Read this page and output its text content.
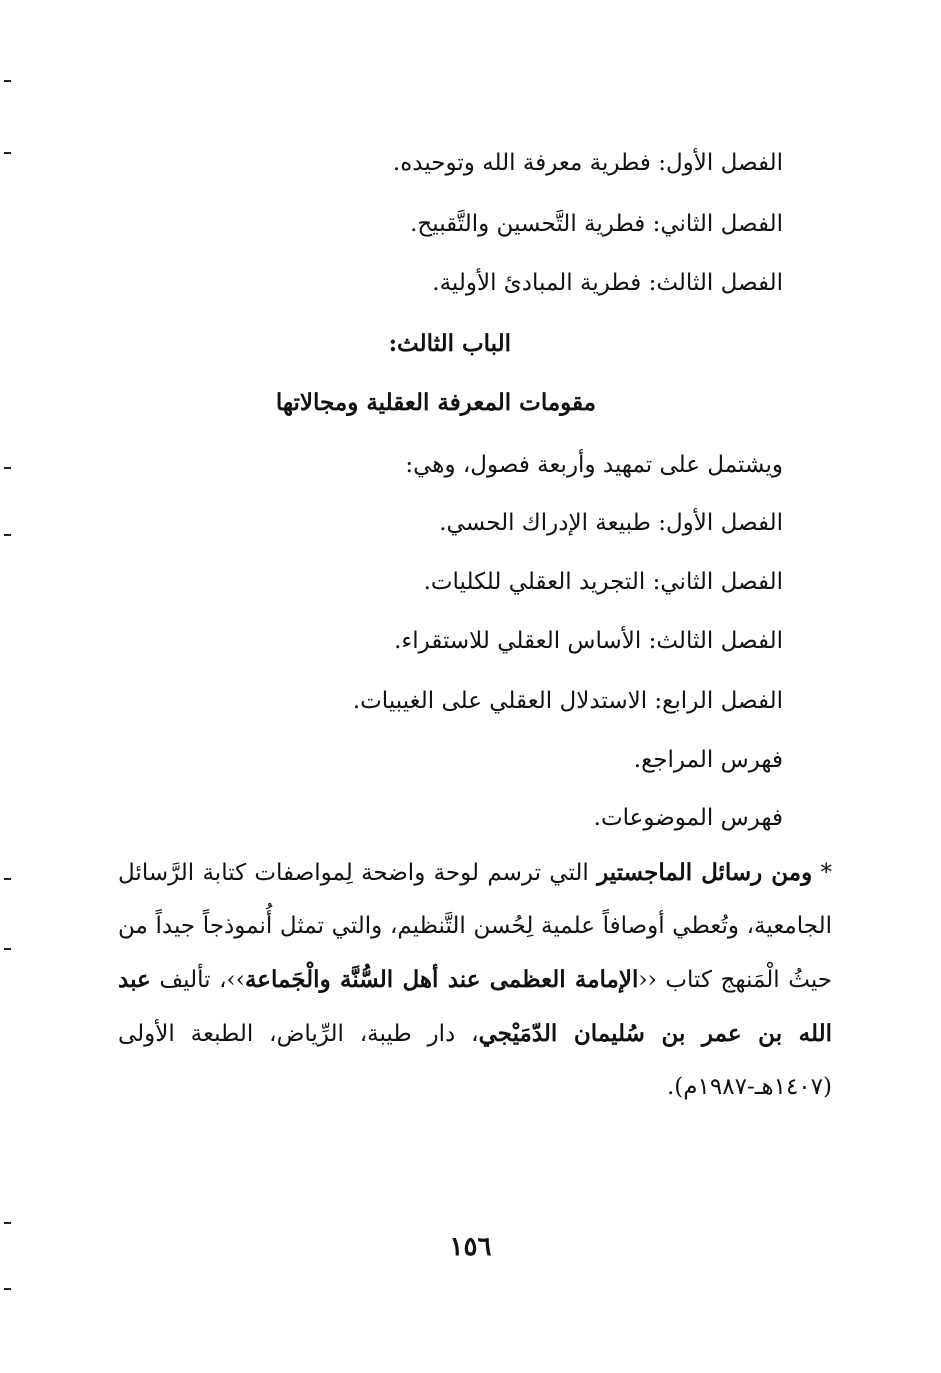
الفصل الأول: فطرية معرفة الله وتوحيده.
الفصل الثاني: فطرية التَّحسين والتَّقبيح.
الفصل الثالث: فطرية المبادئ الأولية.
الباب الثالث:
مقومات المعرفة العقلية ومجالاتها
ويشتمل على تمهيد وأربعة فصول، وهي:
الفصل الأول: طبيعة الإدراك الحسي.
الفصل الثاني: التجريد العقلي للكليات.
الفصل الثالث: الأساس العقلي للاستقراء.
الفصل الرابع: الاستدلال العقلي على الغيبيات.
فهرس المراجع.
فهرس الموضوعات.
* ومن رسائل الماجستير التي ترسم لوحة واضحة لِمواصفات كتابة الرَّسائل الجامعية، وتُعطي أوصافاً علمية لِحُسن التَّنظيم، والتي تمثل أُنموذجاً جيداً من حيثُ الْمَنهج كتاب ‹‹الإمامة العظمى عند أهل السُّنَّة والْجَماعة››، تأليف عبد الله بن عمر بن سُليمان الدّمَيْجي، دار طيبة، الرِّياض، الطبعة الأولى (١٤٠٧هـ-١٩٨٧م).
١٥٦
